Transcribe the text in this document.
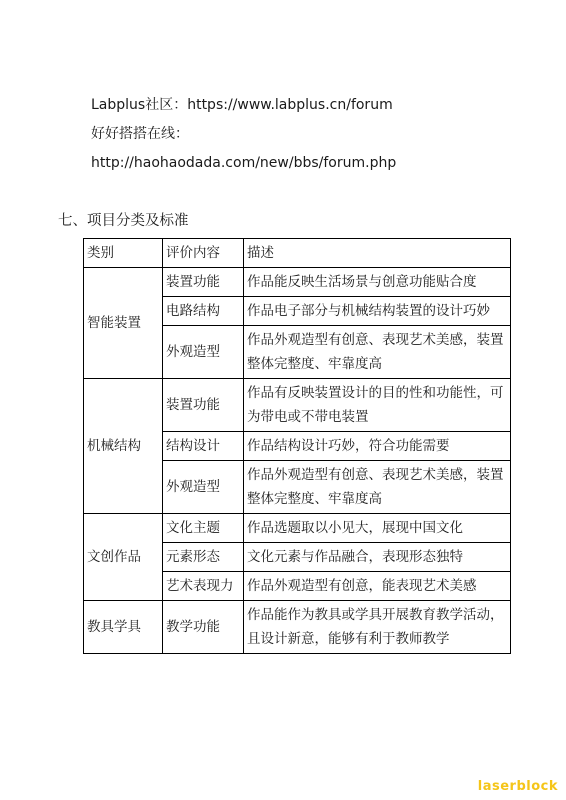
Labplus社区：https://www.labplus.cn/forum
好好搭搭在线：
http://haohaodada.com/new/bbs/forum.php
七、项目分类及标准
类别	评价内容	描述
智能装置	装置功能	作品能反映生活场景与创意功能贴合度
	电路结构	作品电子部分与机械结构装置的设计巧妙
	外观造型	作品外观造型有创意、表现艺术美感，装置整体完整度、牢靠度高
机械结构	装置功能	作品有反映装置设计的目的性和功能性，可为带电或不带电装置
	结构设计	作品结构设计巧妙，符合功能需要
	外观造型	作品外观造型有创意、表现艺术美感，装置整体完整度、牢靠度高
文创作品	文化主题	作品选题取以小见大，展现中国文化
	元素形态	文化元素与作品融合，表现形态独特
	艺术表现力	作品外观造型有创意，能表现艺术美感
教具学具	教学功能	作品能作为教具或学具开展教育教学活动，且设计新意，能够有利于教师教学
laserblock
